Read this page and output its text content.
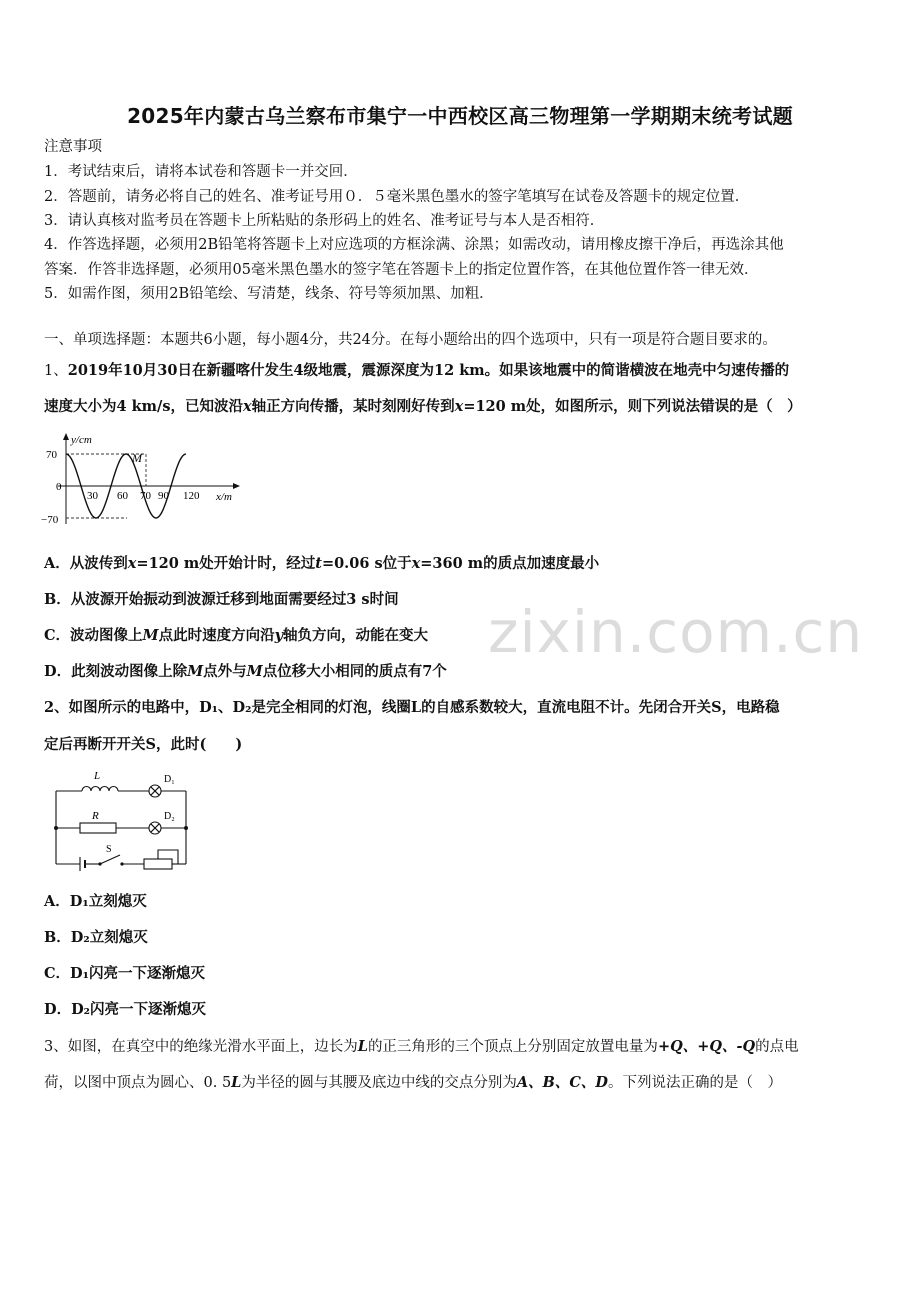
2025年内蒙古乌兰察布市集宁一中西校区高三物理第一学期期末统考试题
zixin.com.cn
注意事项
1．考试结束后，请将本试卷和答题卡一并交回．
2．答题前，请务必将自己的姓名、准考证号用０．５毫米黑色墨水的签字笔填写在试卷及答题卡的规定位置．
3．请认真核对监考员在答题卡上所粘贴的条形码上的姓名、准考证号与本人是否相符．
4．作答选择题，必须用2B铅笔将答题卡上对应选项的方框涂满、涂黑；如需改动，请用橡皮擦干净后，再选涂其他
答案．作答非选择题，必须用05毫米黑色墨水的签字笔在答题卡上的指定位置作答，在其他位置作答一律无效．
5．如需作图，须用2B铅笔绘、写清楚，线条、符号等须加黑、加粗．
一、单项选择题：本题共6小题，每小题4分，共24分。在每小题给出的四个选项中，只有一项是符合题目要求的。
1、2019年10月30日在新疆喀什发生4级地震，震源深度为12 km。如果该地震中的简谐横波在地壳中匀速传播的
速度大小为4 km/s，已知波沿x轴正方向传播，某时刻刚好传到x=120 m处，如图所示，则下列说法错误的是（　）
y/cm
70
0
−70
30 60 70 90 120 x/m
M
A．从波传到x=120 m处开始计时，经过t=0.06 s位于x=360 m的质点加速度最小
B．从波源开始振动到波源迁移到地面需要经过3 s时间
C．波动图像上M点此时速度方向沿y轴负方向，动能在变大
D．此刻波动图像上除M点外与M点位移大小相同的质点有7个
2、如图所示的电路中，D₁、D₂是完全相同的灯泡，线圈L的自感系数较大，直流电阻不计。先闭合开关S，电路稳
定后再断开开关S，此时(　　)
L	D₁
R	D₂
S
A．D₁立刻熄灭
B．D₂立刻熄灭
C．D₁闪亮一下逐渐熄灭
D．D₂闪亮一下逐渐熄灭
3、如图，在真空中的绝缘光滑水平面上，边长为L的正三角形的三个顶点上分别固定放置电量为+Q、+Q、-Q的点电
荷，以图中顶点为圆心、0. 5L为半径的圆与其腰及底边中线的交点分别为A、B、C、D。下列说法正确的是（　）
